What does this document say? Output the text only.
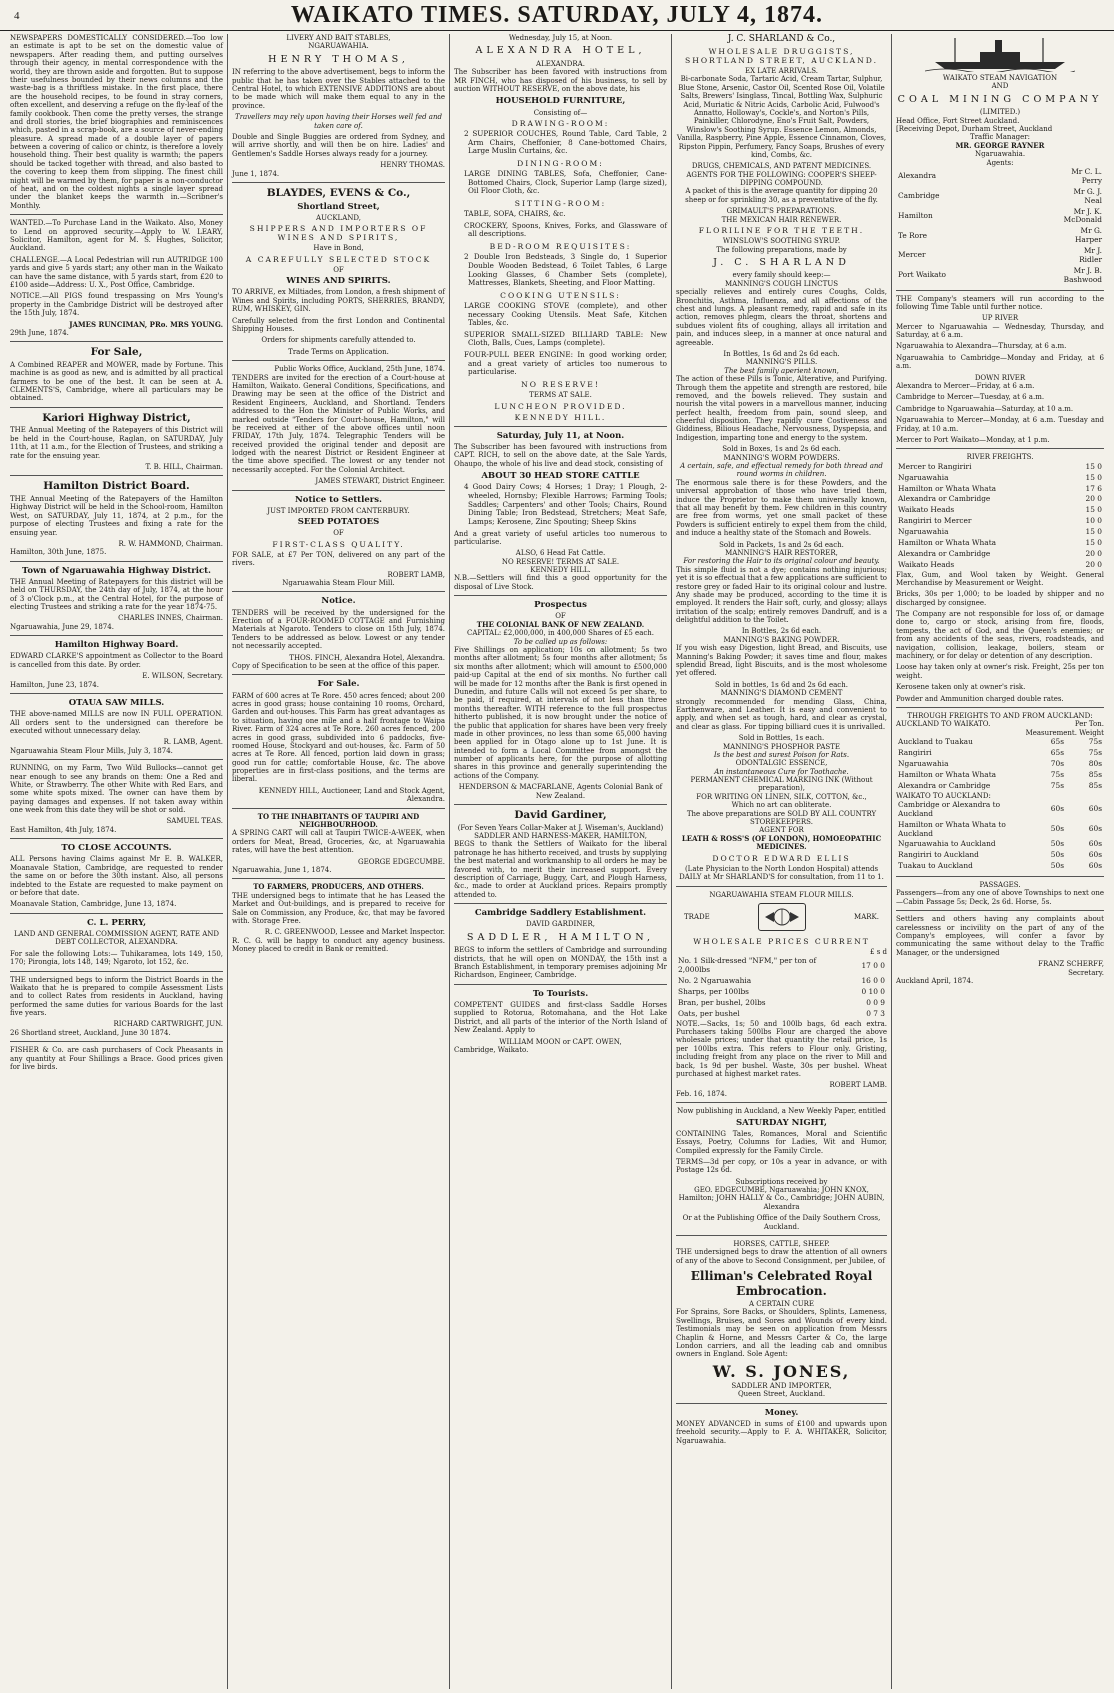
4	WAIKATO TIMES. SATURDAY, JULY 4, 1874.

NEWSPAPERS DOMESTICALLY CONSIDERED.—Too low an estimate is apt to be set on the domestic value of newspapers. After reading them, and putting ourselves through their agency, in mental correspondence with the world, they are thrown aside and forgotten. But to suppose their usefulness bounded by their news columns and the waste-bag is a thriftless mistake. In the first place, there are the household recipes, to be found in stray corners, often excellent, and deserving a refuge on the fly-leaf of the family cookbook. Then come the pretty verses, the strange and droll stories, the brief biographies and reminiscences which, pasted in a scrap-book, are a source of never-ending pleasure. A spread made of a double layer of papers between a covering of calico or chintz, is therefore a lovely household thing. Their best quality is warmth; the papers should be tacked together with thread, and also basted to the covering to keep them from slipping. The finest chill night will be warmed by them, for paper is a non-conductor of heat, and on the coldest nights a single layer spread under the blanket keeps the warmth in.—Scribner's Monthly.

WANTED.—To Purchase Land in the Waikato. Also, Money to Lend on approved security.—Apply to W. LEARY, Solicitor, Hamilton, agent for M. S. Hughes, Solicitor, Auckland.

CHALLENGE.—A Local Pedestrian will run AUTRIDGE 100 yards and give 5 yards start; any other man in the Waikato can have the same distance, with 5 yards start, from £20 to £100 aside—Address: U. X., Post Office, Cambridge.

NOTICE.—All PIGS found trespassing on Mrs Young's property in the Cambridge District will be destroyed after the 15th July, 1874.

JAMES RUNCIMAN, PRo. MRS YOUNG.
29th June, 1874.
For Sale,

A Combined REAPER and MOWER, made by Fortune. This machine is as good as new, and is admitted by all practical farmers to be one of the best. It can be seen at A. CLEMENTS'S, Cambridge, where all particulars may be obtained.

Kariori Highway District,

THE Annual Meeting of the Ratepayers of this District will be held in the Court-house, Raglan, on SATURDAY, July 11th, at 11 a.m., for the Election of Trustees, and striking a rate for the ensuing year.

T. B. HILL, Chairman.
Hamilton District Board.

THE Annual Meeting of the Ratepayers of the Hamilton Highway District will be held in the School-room, Hamilton West, on SATURDAY, July 11, 1874, at 2 p.m., for the purpose of electing Trustees and fixing a rate for the ensuing year.

R. W. HAMMOND, Chairman.
Hamilton, 30th June, 1875.
Town of Ngaruawahia Highway District.

THE Annual Meeting of Ratepayers for this district will be held on THURSDAY, the 24th day of July, 1874, at the hour of 3 o'Clock p.m., at the Central Hotel, for the purpose of electing Trustees and striking a rate for the year 1874-75.

CHARLES INNES, Chairman.
Ngaruawahia, June 29, 1874.
Hamilton Highway Board.

EDWARD CLARKE'S appointment as Collector to the Board is cancelled from this date. By order.

E. WILSON, Secretary.
Hamilton, June 23, 1874.
OTAUA SAW MILLS.

THE above-named MILLS are now IN FULL OPERATION. All orders sent to the undersigned can therefore be executed without unnecessary delay.

R. LAMB, Agent.
Ngaruawahia Steam Flour Mills, July 3, 1874.

RUNNING, on my Farm, Two Wild Bullocks—cannot get near enough to see any brands on them: One a Red and White, or Strawberry. The other White with Red Ears, and some white spots mixed. The owner can have them by paying damages and expenses. If not taken away within one week from this date they will be shot or sold.

SAMUEL TEAS.
East Hamilton, 4th July, 1874.
TO CLOSE ACCOUNTS.

ALL Persons having Claims against Mr E. B. WALKER, Moanavale Station, Cambridge, are requested to render the same on or before the 30th instant. Also, all persons indebted to the Estate are requested to make payment on or before that date.

Moanavale Station, Cambridge, June 13, 1874.
C. L. PERRY,

LAND AND GENERAL COMMISSION AGENT, RATE AND DEBT COLLECTOR, ALEXANDRA.

For sale the following Lots:— Tuhikaramea, lots 149, 150, 170; Pirongia, lots 148, 149; Ngaroto, lot 152, &c.

THE undersigned begs to inform the District Boards in the Waikato that he is prepared to compile Assessment Lists and to collect Rates from residents in Auckland, having performed the same duties for various Boards for the last five years.

RICHARD CARTWRIGHT, JUN.
26 Shortland street, Auckland, June 30 1874.

FISHER & Co. are cash purchasers of Cock Pheasants in any quantity at Four Shillings a Brace. Good prices given for live birds.

LIVERY AND BAIT STABLES,
NGARUAWAHIA.
HENRY THOMAS,

IN referring to the above advertisement, begs to inform the public that he has taken over the Stables attached to the Central Hotel, to which EXTENSIVE ADDITIONS are about to be made which will make them equal to any in the province.

Travellers may rely upon having their Horses well fed and taken care of.

Double and Single Buggies are ordered from Sydney, and will arrive shortly, and will then be on hire. Ladies' and Gentlemen's Saddle Horses always ready for a journey.

HENRY THOMAS.
June 1, 1874.
BLAYDES, EVENS & Co.,
Shortland Street,
AUCKLAND,
SHIPPERS AND IMPORTERS OF WINES AND SPIRITS,
Have in Bond,
A CAREFULLY SELECTED STOCK
OF
WINES AND SPIRITS.

TO ARRIVE, ex Miltiades, from London, a fresh shipment of Wines and Spirits, including PORTS, SHERRIES, BRANDY, RUM, WHISKEY, GIN.

Carefully selected from the first London and Continental Shipping Houses.

Orders for shipments carefully attended to.

Trade Terms on Application.

Public Works Office, Auckland, 25th June, 1874.

TENDERS are invited for the erection of a Court-house at Hamilton, Waikato. General Conditions, Specifications, and Drawing may be seen at the office of the District and Resident Engineers, Auckland, and Shortland. Tenders addressed to the Hon the Minister of Public Works, and marked outside "Tenders for Court-house, Hamilton," will be received at either of the above offices until noon FRIDAY, 17th July, 1874. Telegraphic Tenders will be received provided the original tender and deposit are lodged with the nearest District or Resident Engineer at the time above specified. The lowest or any tender not necessarily accepted. For the Colonial Architect.

JAMES STEWART, District Engineer.
Notice to Settlers.
JUST IMPORTED FROM CANTERBURY.
SEED POTATOES
OF
FIRST-CLASS QUALITY.

FOR SALE, at £7 Per TON, delivered on any part of the rivers.

ROBERT LAMB,
Ngaruawahia Steam Flour Mill.
Notice.

TENDERS will be received by the undersigned for the Erection of a FOUR-ROOMED COTTAGE and Furnishing Materials at Ngaroto. Tenders to close on 15th July, 1874. Tenders to be addressed as below. Lowest or any tender not necessarily accepted.

THOS. FINCH, Alexandra Hotel, Alexandra.

Copy of Specification to be seen at the office of this paper.

For Sale.

FARM of 600 acres at Te Rore. 450 acres fenced; about 200 acres in good grass; house containing 10 rooms, Orchard, Garden and out-houses. This Farm has great advantages as to situation, having one mile and a half frontage to Waipa River. Farm of 324 acres at Te Rore. 260 acres fenced, 200 acres in good grass, subdivided into 6 paddocks, five-roomed House, Stockyard and out-houses, &c. Farm of 50 acres at Te Rore. All fenced, portion laid down in grass; good run for cattle; comfortable House, &c. The above properties are in first-class positions, and the terms are liberal.

KENNEDY HILL, Auctioneer, Land and Stock Agent, Alexandra.
TO THE INHABITANTS OF TAUPIRI AND NEIGHBOURHOOD.

A SPRING CART will call at Taupiri TWICE-A-WEEK, when orders for Meat, Bread, Groceries, &c, at Ngaruawahia rates, will have the best attention.

GEORGE EDGECUMBE.
Ngaruawahia, June 1, 1874.
TO FARMERS, PRODUCERS, AND OTHERS.

THE undersigned begs to intimate that he has Leased the Market and Out-buildings, and is prepared to receive for Sale on Commission, any Produce, &c, that may be favored with. Storage Free.

R. C. GREENWOOD, Lessee and Market Inspector.

R. C. G. will be happy to conduct any agency business. Money placed to credit in Bank or remitted.

Wednesday, July 15, at Noon.
ALEXANDRA HOTEL,
ALEXANDRA.

The Subscriber has been favored with instructions from MR FINCH, who has disposed of his business, to sell by auction WITHOUT RESERVE, on the above date, his

HOUSEHOLD FURNITURE,
Consisting of—
DRAWING-ROOM:

2 SUPERIOR COUCHES, Round Table, Card Table, 2 Arm Chairs, Cheffonier, 8 Cane-bottomed Chairs, Large Muslin Curtains, &c.

DINING-ROOM:

LARGE DINING TABLES, Sofa, Cheffonier, Cane-Bottomed Chairs, Clock, Superior Lamp (large sized), Oil Floor Cloth, &c.

SITTING-ROOM:

TABLE, SOFA, CHAIRS, &c.

CROCKERY, Spoons, Knives, Forks, and Glassware of all descriptions.

BED-ROOM REQUISITES:

2 Double Iron Bedsteads, 3 Single do, 1 Superior Double Wooden Bedstead, 6 Toilet Tables, 6 Large Looking Glasses, 6 Chamber Sets (complete), Mattresses, Blankets, Sheeting, and Floor Matting.

COOKING UTENSILS:

LARGE COOKING STOVE (complete), and other necessary Cooking Utensils. Meat Safe, Kitchen Tables, &c.

SUPERIOR SMALL-SIZED BILLIARD TABLE: New Cloth, Balls, Cues, Lamps (complete).

FOUR-PULL BEER ENGINE: In good working order, and a great variety of articles too numerous to particularise.

NO RESERVE!
TERMS AT SALE.
LUNCHEON PROVIDED.
KENNEDY HILL.
Saturday, July 11, at Noon.

The Subscriber has been favoured with instructions from CAPT. RICH, to sell on the above date, at the Sale Yards, Ohaupo, the whole of his live and dead stock, consisting of

ABOUT 30 HEAD STORE CATTLE

4 Good Dairy Cows; 4 Horses; 1 Dray; 1 Plough, 2-wheeled, Hornsby; Flexible Harrows; Farming Tools; Saddles; Carpenters' and other Tools; Chairs, Round Dining Table; Iron Bedstead, Stretchers; Meat Safe, Lamps; Kerosene, Zinc Spouting; Sheep Skins

And a great variety of useful articles too numerous to particularise.

ALSO, 6 Head Fat Cattle.
NO RESERVE! TERMS AT SALE.
KENNEDY HILL.

N.B.—Settlers will find this a good opportunity for the disposal of Live Stock.

Prospectus
OF
THE COLONIAL BANK OF NEW ZEALAND.
CAPITAL: £2,000,000, in 400,000 Shares of £5 each.
To be called up as follows:

Five Shillings on application; 10s on allotment; 5s two months after allotment; 5s four months after allotment; 5s six months after allotment; which will amount to £500,000 paid-up Capital at the end of six months. No further call will be made for 12 months after the Bank is first opened in Dunedin, and future Calls will not exceed 5s per share, to be paid, if required, at intervals of not less than three months thereafter. WITH reference to the full prospectus hitherto published, it is now brought under the notice of the public that application for shares have been very freely made in other provinces, no less than some 65,000 having been applied for in Otago alone up to 1st June. It is intended to form a Local Committee from amongst the number of applicants here, for the purpose of allotting shares in this province and generally superintending the actions of the Company.

HENDERSON & MACFARLANE, Agents Colonial Bank of New Zealand.
David Gardiner,
(For Seven Years Collar-Maker at J. Wiseman's, Auckland)
SADDLER AND HARNESS-MAKER, HAMILTON,

BEGS to thank the Settlers of Waikato for the liberal patronage he has hitherto received, and trusts by supplying the best material and workmanship to all orders he may be favored with, to merit their increased support. Every description of Carriage, Buggy, Cart, and Plough Harness, &c., made to order at Auckland prices. Repairs promptly attended to.

Cambridge Saddlery Establishment.
DAVID GARDINER,
SADDLER, HAMILTON,

BEGS to inform the settlers of Cambridge and surrounding districts, that he will open on MONDAY, the 15th inst a Branch Establishment, in temporary premises adjoining Mr Richardson, Engineer, Cambridge.

To Tourists.

COMPETENT GUIDES and first-class Saddle Horses supplied to Rotorua, Rotomahana, and the Hot Lake District, and all parts of the interior of the North Island of New Zealand. Apply to

WILLIAM MOON or CAPT. OWEN,
Cambridge, Waikato.
J. C. SHARLAND & Co.,
WHOLESALE DRUGGISTS, SHORTLAND STREET, AUCKLAND.
EX LATE ARRIVALS.

Bi-carbonate Soda, Tartaric Acid, Cream Tartar, Sulphur, Blue Stone, Arsenic, Castor Oil, Scented Rose Oil, Volatile Salts, Brewers' Isinglass, Tincal, Bottling Wax, Sulphuric Acid, Muriatic & Nitric Acids, Carbolic Acid, Fulwood's Annatto, Holloway's, Cockle's, and Norton's Pills, Painkiller, Chlorodyne, Eno's Fruit Salt, Powders, Winslow's Soothing Syrup. Essence Lemon, Almonds, Vanilla, Raspberry, Pine Apple, Essence Cinnamon, Cloves, Ripston Pippin, Perfumery, Fancy Soaps, Brushes of every kind, Combs, &c.

DRUGS, CHEMICALS, AND PATENT MEDICINES.
AGENTS FOR THE FOLLOWING: COOPER'S SHEEP-DIPPING COMPOUND.

A packet of this is the average quantity for dipping 20 sheep or for sprinkling 30, as a preventative of the fly.

GRIMAULT'S PREPARATIONS.
THE MEXICAN HAIR RENEWER.
FLORILINE FOR THE TEETH.
WINSLOW'S SOOTHING SYRUP.
The following preparations, made by
J. C. SHARLAND
every family should keep:—
MANNING'S COUGH LINCTUS

specially relieves and entirely cures Coughs, Colds, Bronchitis, Asthma, Influenza, and all affections of the chest and lungs. A pleasant remedy, rapid and safe in its action, removes phlegm, clears the throat, shortens and subdues violent fits of coughing, allays all irritation and pain, and induces sleep, in a manner at once natural and agreeable.

In Bottles, 1s 6d and 2s 6d each.
MANNING'S PILLS.
The best family aperient known,

The action of these Pills is Tonic, Alterative, and Purifying. Through them the appetite and strength are restored, bile removed, and the bowels relieved. They sustain and nourish the vital powers in a marvellous manner, inducing perfect health, freedom from pain, sound sleep, and cheerful disposition. They rapidly cure Costiveness and Giddiness, Bilious Headache, Nervousness, Dyspepsia, and Indigestion, imparting tone and energy to the system.

Sold in Boxes, 1s and 2s 6d each.
MANNING'S WORM POWDERS.
A certain, safe, and effectual remedy for both thread and round worms in children.

The enormous sale there is for these Powders, and the universal approbation of those who have tried them, induce the Proprietor to make them universally known, that all may benefit by them. Few children in this country are free from worms, yet one small packet of these Powders is sufficient entirely to expel them from the child, and induce a healthy state of the Stomach and Bowels.

Sold in Packets, 1s and 2s 6d each.
MANNING'S HAIR RESTORER,
For restoring the Hair to its original colour and beauty.

This simple fluid is not a dye; contains nothing injurious; yet it is so effectual that a few applications are sufficient to restore grey or faded Hair to its original colour and lustre. Any shade may be produced, according to the time it is employed. It renders the Hair soft, curly, and glossy; allays irritation of the scalp; entirely removes Dandruff, and is a delightful addition to the Toilet.

In Bottles, 2s 6d each.
MANNING'S BAKING POWDER.

If you wish easy Digestion, light Bread, and Biscuits, use Manning's Baking Powder; it saves time and flour, makes splendid Bread, light Biscuits, and is the most wholesome yet offered.

Sold in bottles, 1s 6d and 2s 6d each.
MANNING'S DIAMOND CEMENT

strongly recommended for mending Glass, China, Earthenware, and Leather. It is easy and convenient to apply, and when set as tough, hard, and clear as crystal, and clear as glass. For tipping billiard cues it is unrivalled.

Sold in Bottles, 1s each.
MANNING'S PHOSPHOR PASTE
Is the best and surest Poison for Rats.
ODONTALGIC ESSENCE,
An instantaneous Cure for Toothache.
PERMANENT CHEMICAL MARKING INK (Without preparation),
FOR WRITING ON LINEN, SILK, COTTON, &c.,
Which no art can obliterate.
The above preparations are SOLD BY ALL COUNTRY STOREKEEPERS.
AGENT FOR
LEATH & ROSS'S (OF LONDON), HOMOEOPATHIC MEDICINES.
DOCTOR EDWARD ELLIS
(Late Physician to the North London Hospital) attends DAILY at Mr SHARLAND'S for consultation, from 11 to 1.
NGARUAWAHIA STEAM FLOUR MILLS.
TRADE	MARK.
WHOLESALE PRICES CURRENT
£ s d
No. 1 Silk-dressed "NFM," per ton of 2,000lbs	17 0 0
No. 2 Ngaruawahia	16 0 0
Sharps, per 100lbs	0 10 0
Bran, per bushel, 20lbs	0 0 9
Oats, per bushel	0 7 3

NOTE.—Sacks, 1s; 50 and 100lb bags, 6d each extra. Purchasers taking 500lbs Flour are charged the above wholesale prices; under that quantity the retail price, 1s per 100lbs extra. This refers to Flour only. Gristing, including freight from any place on the river to Mill and back, 1s 9d per bushel. Waste, 30s per bushel. Wheat purchased at highest market rates.

ROBERT LAMB.
Feb. 16, 1874.
Now publishing in Auckland, a New Weekly Paper, entitled
SATURDAY NIGHT,

CONTAINING Tales, Romances, Moral and Scientific Essays, Poetry, Columns for Ladies, Wit and Humor, Compiled expressly for the Family Circle.

TERMS—3d per copy, or 10s a year in advance, or with Postage 12s 6d.

Subscriptions received by

GEO. EDGECUMBE, Ngaruawahia; JOHN KNOX, Hamilton; JOHN HALLY & Co., Cambridge; JOHN AUBIN, Alexandra

Or at the Publishing Office of the Daily Southern Cross, Auckland.

HORSES, CATTLE, SHEEP.

THE undersigned begs to draw the attention of all owners of any of the above to Second Consignment, per Jubilee, of

Elliman's Celebrated Royal Embrocation.
A CERTAIN CURE

For Sprains, Sore Backs, or Shoulders, Splints, Lameness, Swellings, Bruises, and Sores and Wounds of every kind. Testimonials may be seen on application from Messrs Chaplin & Horne, and Messrs Carter & Co, the large London carriers, and all the leading cab and omnibus owners in England. Sole Agent:

W. S. JONES,
SADDLER AND IMPORTER,
Queen Street, Auckland.
Money.

MONEY ADVANCED in sums of £100 and upwards upon freehold security.—Apply to F. A. WHITAKER, Solicitor, Ngaruawahia.

WAIKATO STEAM NAVIGATION
AND
COAL MINING COMPANY
(LIMITED.)
Head Office, Fort Street Auckland.
[Receiving Depot, Durham Street, Auckland
Traffic Manager:
MR. GEORGE RAYNER
Ngaruawahia.
Agents:
Alexandra	Mr C. L. Perry
Cambridge	Mr G. J. Neal
Hamilton	Mr J. K. McDonald
Te Rore	Mr G. Harper
Mercer	Mr J. Ridler
Port Waikato	Mr J. B. Bashwood

THE Company's steamers will run according to the following Time Table until further notice.

UP RIVER

Mercer to Ngaruawahia — Wednesday, Thursday, and Saturday, at 6 a.m.

Ngaruawahia to Alexandra—Thursday, at 6 a.m.

Ngaruawahia to Cambridge—Monday and Friday, at 6 a.m.

DOWN RIVER

Alexandra to Mercer—Friday, at 6 a.m.

Cambridge to Mercer—Tuesday, at 6 a.m.

Cambridge to Ngaruawahia—Saturday, at 10 a.m.

Ngaruawahia to Mercer—Monday, at 6 a.m. Tuesday and Friday, at 10 a.m.

Mercer to Port Waikato—Monday, at 1 p.m.

RIVER FREIGHTS.
Mercer to Rangiriri	15 0
Ngaruawahia	15 0
Hamilton or Whata Whata	17 6
Alexandra or Cambridge	20 0
Waikato Heads	15 0
Rangiriri to Mercer	10 0
Ngaruawahia	15 0
Hamilton or Whata Whata	15 0
Alexandra or Cambridge	20 0
Waikato Heads	20 0

Flax, Gum, and Wool taken by Weight. General Merchandise by Measurement or Weight.

Bricks, 30s per 1,000; to be loaded by shipper and no discharged by consignee.

The Company are not responsible for loss of, or damage done to, cargo or stock, arising from fire, floods, tempests, the act of God, and the Queen's enemies; or from any accidents of the seas, rivers, roadsteads, and navigation, collision, leakage, boilers, steam or machinery, or for delay or detention of any description.

Loose hay taken only at owner's risk. Freight, 25s per ton weight.

Kerosene taken only at owner's risk.

Powder and Ammunition charged double rates.

THROUGH FREIGHTS TO AND FROM AUCKLAND:
AUCKLAND TO WAIKATO.	Per Ton.
Measurement. Weight
Auckland to Tuakau	65s	75s
Rangiriri	65s	75s
Ngaruawahia	70s	80s
Hamilton or Whata Whata	75s	85s
Alexandra or Cambridge	75s	85s
WAIKATO TO AUCKLAND:
Cambridge or Alexandra to Auckland	60s	60s
Hamilton or Whata Whata to Auckland	50s	60s
Ngaruawahia to Auckland	50s	60s
Rangiriri to Auckland	50s	60s
Tuakau to Auckland	50s	60s
PASSAGES.

Passengers—from any one of above Townships to next one—Cabin Passage 5s; Deck, 2s 6d. Horse, 5s.

Settlers and others having any complaints about carelessness or incivility on the part of any of the Company's employees, will confer a favor by communicating the same without delay to the Traffic Manager, or the undersigned

FRANZ SCHERFF,
Secretary.
Auckland April, 1874.
